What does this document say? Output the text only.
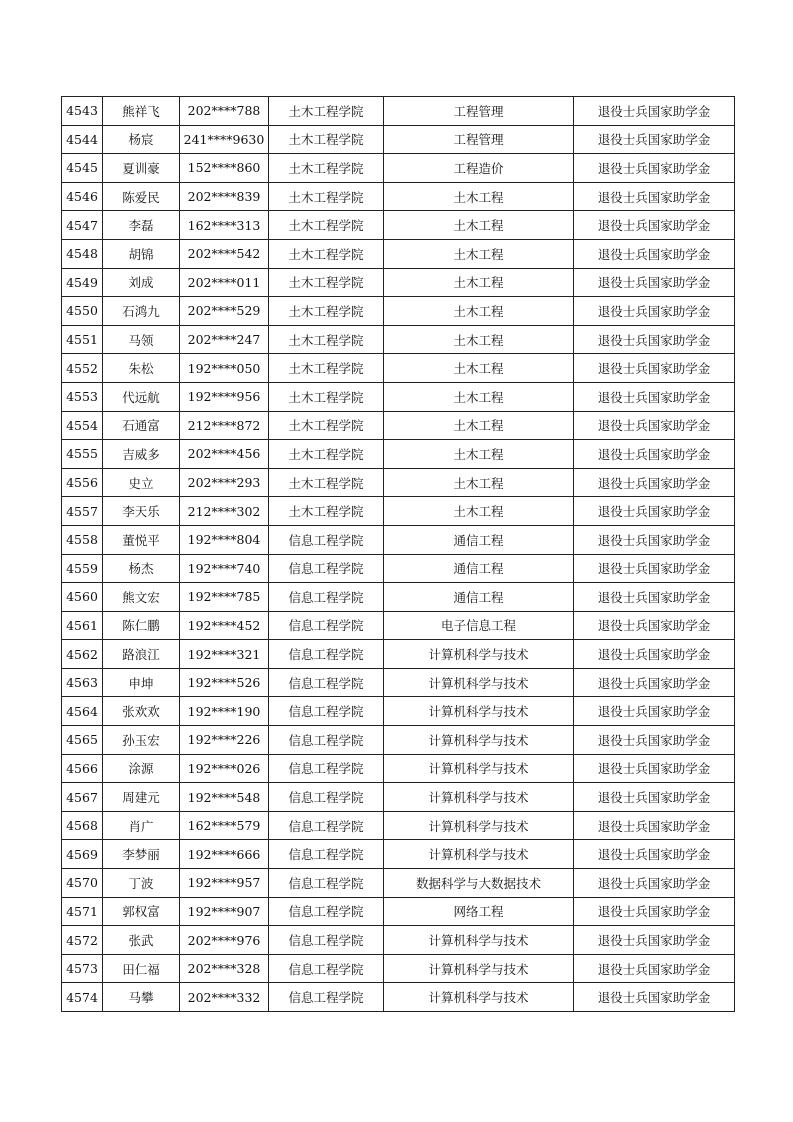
4543	熊祥飞	202****788	土木工程学院	工程管理	退役士兵国家助学金
4544	杨宸	241****9630	土木工程学院	工程管理	退役士兵国家助学金
4545	夏训豪	152****860	土木工程学院	工程造价	退役士兵国家助学金
4546	陈爱民	202****839	土木工程学院	土木工程	退役士兵国家助学金
4547	李磊	162****313	土木工程学院	土木工程	退役士兵国家助学金
4548	胡锦	202****542	土木工程学院	土木工程	退役士兵国家助学金
4549	刘成	202****011	土木工程学院	土木工程	退役士兵国家助学金
4550	石鸿九	202****529	土木工程学院	土木工程	退役士兵国家助学金
4551	马领	202****247	土木工程学院	土木工程	退役士兵国家助学金
4552	朱松	192****050	土木工程学院	土木工程	退役士兵国家助学金
4553	代远航	192****956	土木工程学院	土木工程	退役士兵国家助学金
4554	石通富	212****872	土木工程学院	土木工程	退役士兵国家助学金
4555	吉威多	202****456	土木工程学院	土木工程	退役士兵国家助学金
4556	史立	202****293	土木工程学院	土木工程	退役士兵国家助学金
4557	李天乐	212****302	土木工程学院	土木工程	退役士兵国家助学金
4558	董悦平	192****804	信息工程学院	通信工程	退役士兵国家助学金
4559	杨杰	192****740	信息工程学院	通信工程	退役士兵国家助学金
4560	熊文宏	192****785	信息工程学院	通信工程	退役士兵国家助学金
4561	陈仁鹏	192****452	信息工程学院	电子信息工程	退役士兵国家助学金
4562	路浪江	192****321	信息工程学院	计算机科学与技术	退役士兵国家助学金
4563	申坤	192****526	信息工程学院	计算机科学与技术	退役士兵国家助学金
4564	张欢欢	192****190	信息工程学院	计算机科学与技术	退役士兵国家助学金
4565	孙玉宏	192****226	信息工程学院	计算机科学与技术	退役士兵国家助学金
4566	涂源	192****026	信息工程学院	计算机科学与技术	退役士兵国家助学金
4567	周建元	192****548	信息工程学院	计算机科学与技术	退役士兵国家助学金
4568	肖广	162****579	信息工程学院	计算机科学与技术	退役士兵国家助学金
4569	李梦丽	192****666	信息工程学院	计算机科学与技术	退役士兵国家助学金
4570	丁波	192****957	信息工程学院	数据科学与大数据技术	退役士兵国家助学金
4571	郭权富	192****907	信息工程学院	网络工程	退役士兵国家助学金
4572	张武	202****976	信息工程学院	计算机科学与技术	退役士兵国家助学金
4573	田仁福	202****328	信息工程学院	计算机科学与技术	退役士兵国家助学金
4574	马攀	202****332	信息工程学院	计算机科学与技术	退役士兵国家助学金
